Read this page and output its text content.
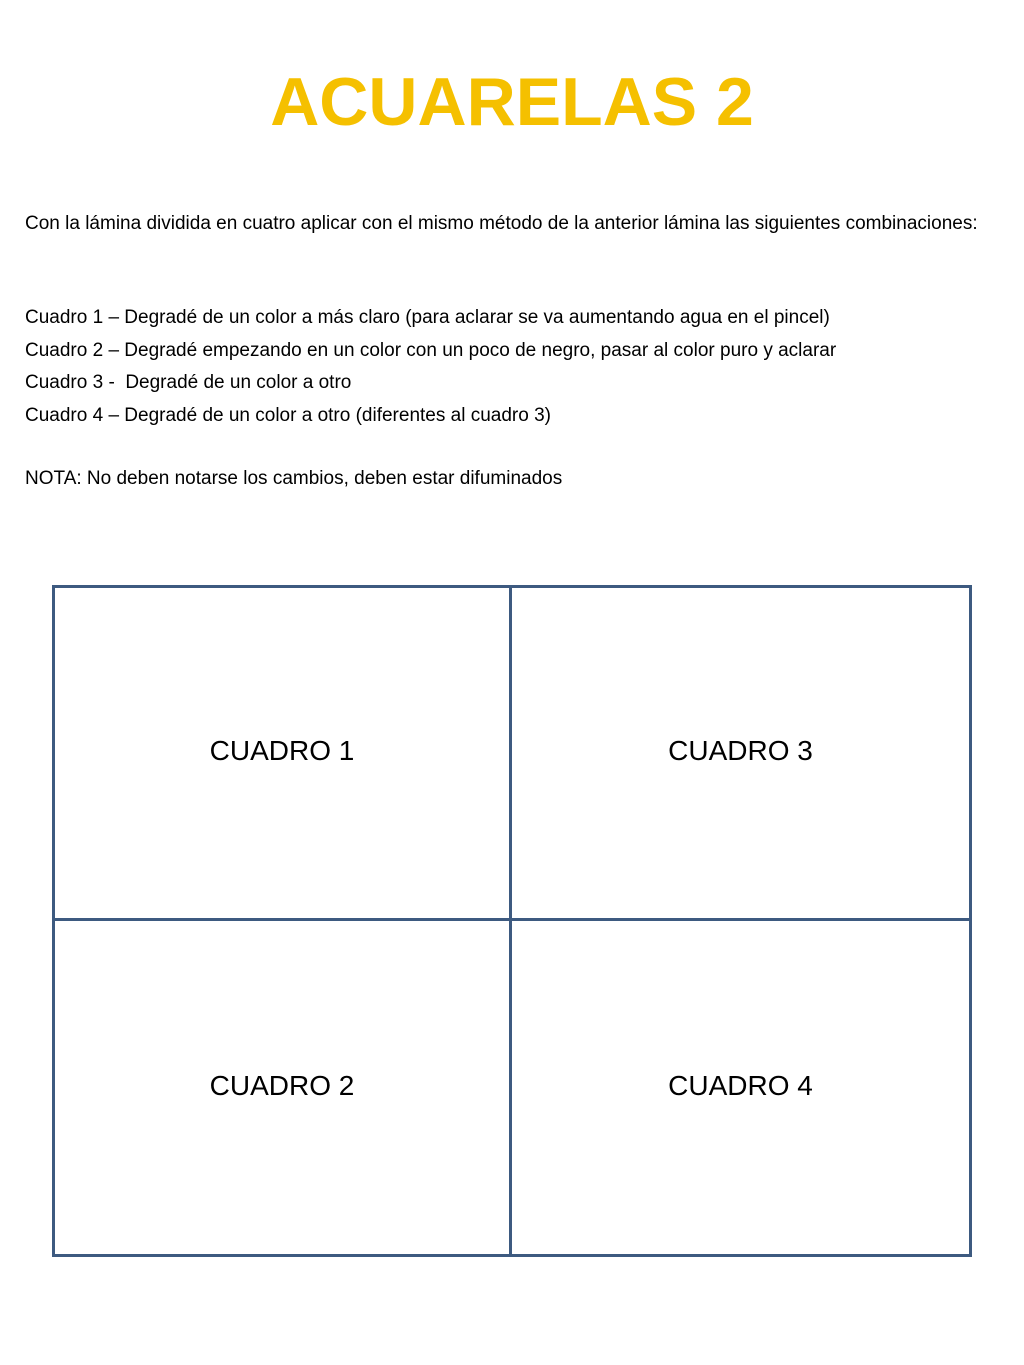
ACUARELAS 2

Con la lámina dividida en cuatro aplicar con el mismo método de la anterior lámina las siguientes combinaciones:

Cuadro 1 – Degradé de un color a más claro (para aclarar se va aumentando agua en el pincel)
Cuadro 2 – Degradé empezando en un color con un poco de negro, pasar al color puro y aclarar
Cuadro 3 -  Degradé de un color a otro
Cuadro 4 – Degradé de un color a otro (diferentes al cuadro 3)

NOTA: No deben notarse los cambios, deben estar difuminados

CUADRO 1	CUADRO 3
CUADRO 2	CUADRO 4
